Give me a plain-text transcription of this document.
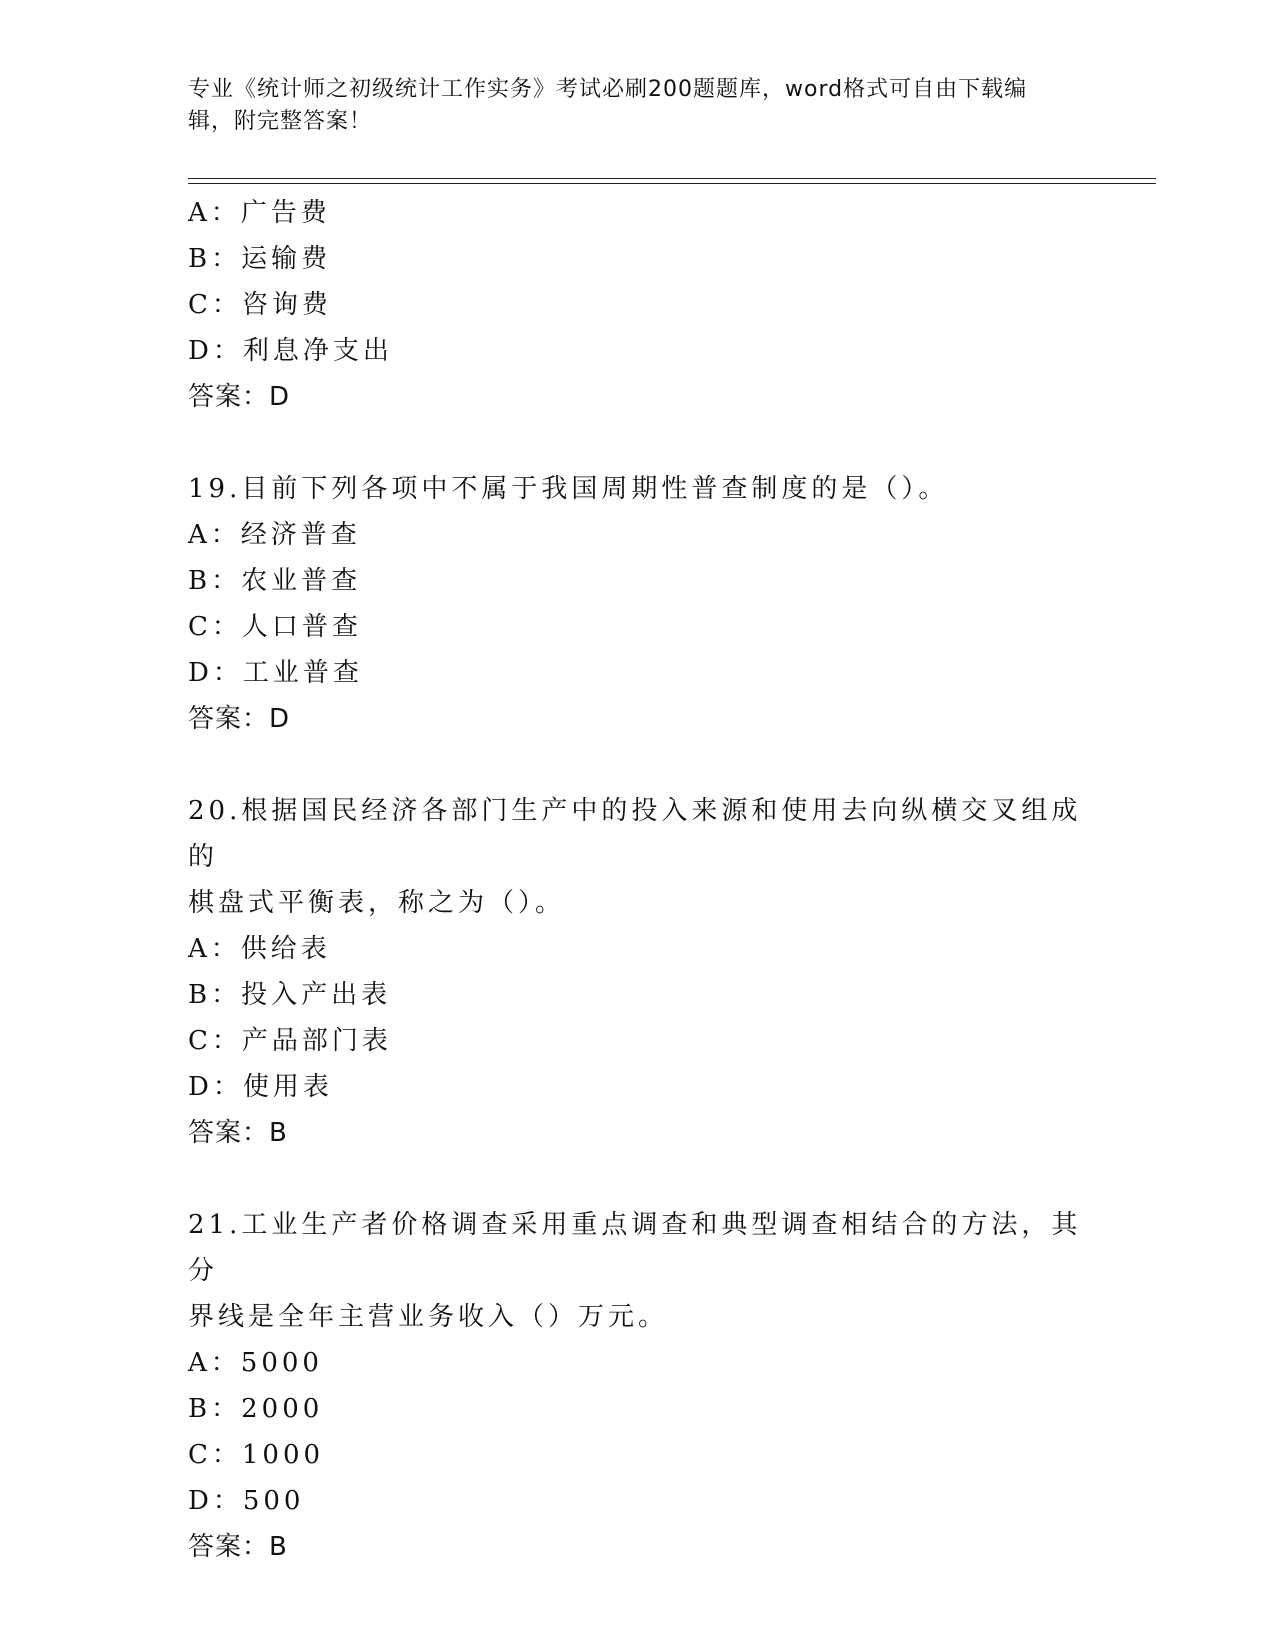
专业《统计师之初级统计工作实务》考试必刷200题题库，word格式可自由下载编辑，附完整答案！
A：广告费
B：运输费
C：咨询费
D：利息净支出
答案：D
19.目前下列各项中不属于我国周期性普查制度的是（）。
A：经济普查
B：农业普查
C：人口普查
D：工业普查
答案：D
20.根据国民经济各部门生产中的投入来源和使用去向纵横交叉组成的
棋盘式平衡表，称之为（）。
A：供给表
B：投入产出表
C：产品部门表
D：使用表
答案：B
21.工业生产者价格调查采用重点调查和典型调查相结合的方法，其分
界线是全年主营业务收入（）万元。
A：5000
B：2000
C：1000
D：500
答案：B
